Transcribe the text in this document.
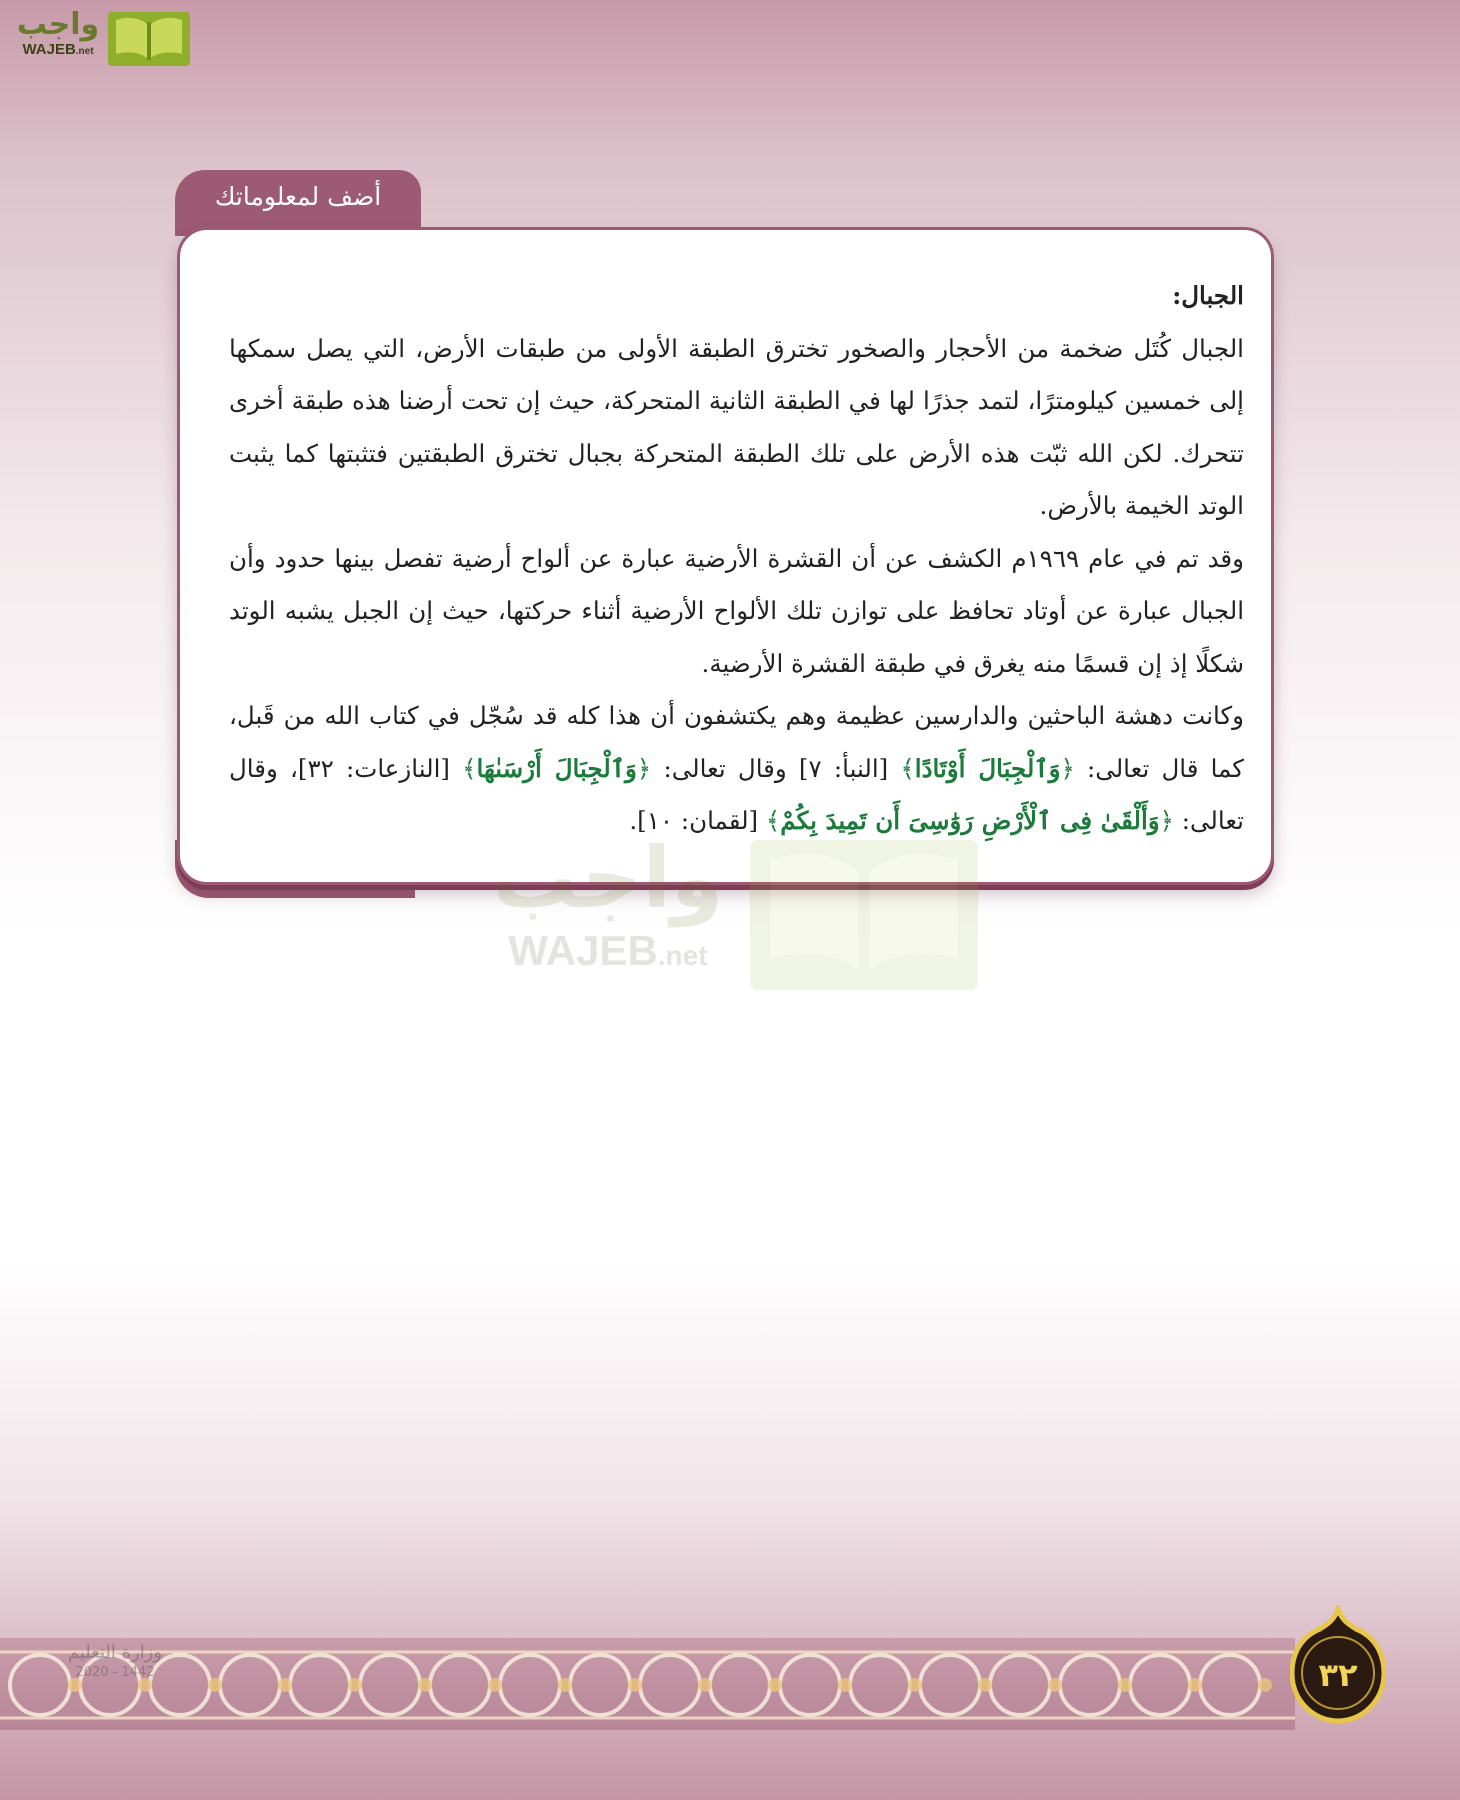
واجب
WAJEB.net
أضف لمعلوماتك

الجبال:

الجبال كُتَل ضخمة من الأحجار والصخور تخترق الطبقة الأولى من طبقات الأرض، التي يصل سمكها إلى خمسين كيلومترًا، لتمد جذرًا لها في الطبقة الثانية المتحركة، حيث إن تحت أرضنا هذه طبقة أخرى تتحرك. لكن الله ثبّت هذه الأرض على تلك الطبقة المتحركة بجبال تخترق الطبقتين فتثبتها كما يثبت الوتد الخيمة بالأرض.

وقد تم في عام ١٩٦٩م الكشف عن أن القشرة الأرضية عبارة عن ألواح أرضية تفصل بينها حدود وأن الجبال عبارة عن أوتاد تحافظ على توازن تلك الألواح الأرضية أثناء حركتها، حيث إن الجبل يشبه الوتد شكلًا إذ إن قسمًا منه يغرق في طبقة القشرة الأرضية.

وكانت دهشة الباحثين والدارسين عظيمة وهم يكتشفون أن هذا كله قد سُجّل في كتاب الله من قَبل، كما قال تعالى: ﴿وَٱلْجِبَالَ أَوْتَادًا﴾ [النبأ: ٧] وقال تعالى: ﴿وَٱلْجِبَالَ أَرْسَىٰهَا﴾ [النازعات: ٣٢]، وقال تعالى: ﴿وَأَلْقَىٰ فِى ٱلْأَرْضِ رَوَٰسِىَ أَن تَمِيدَ بِكُمْ﴾ [لقمان: ١٠].

واجب
WAJEB.net
وزارة التعليم
2020 - 1442	٣٢
